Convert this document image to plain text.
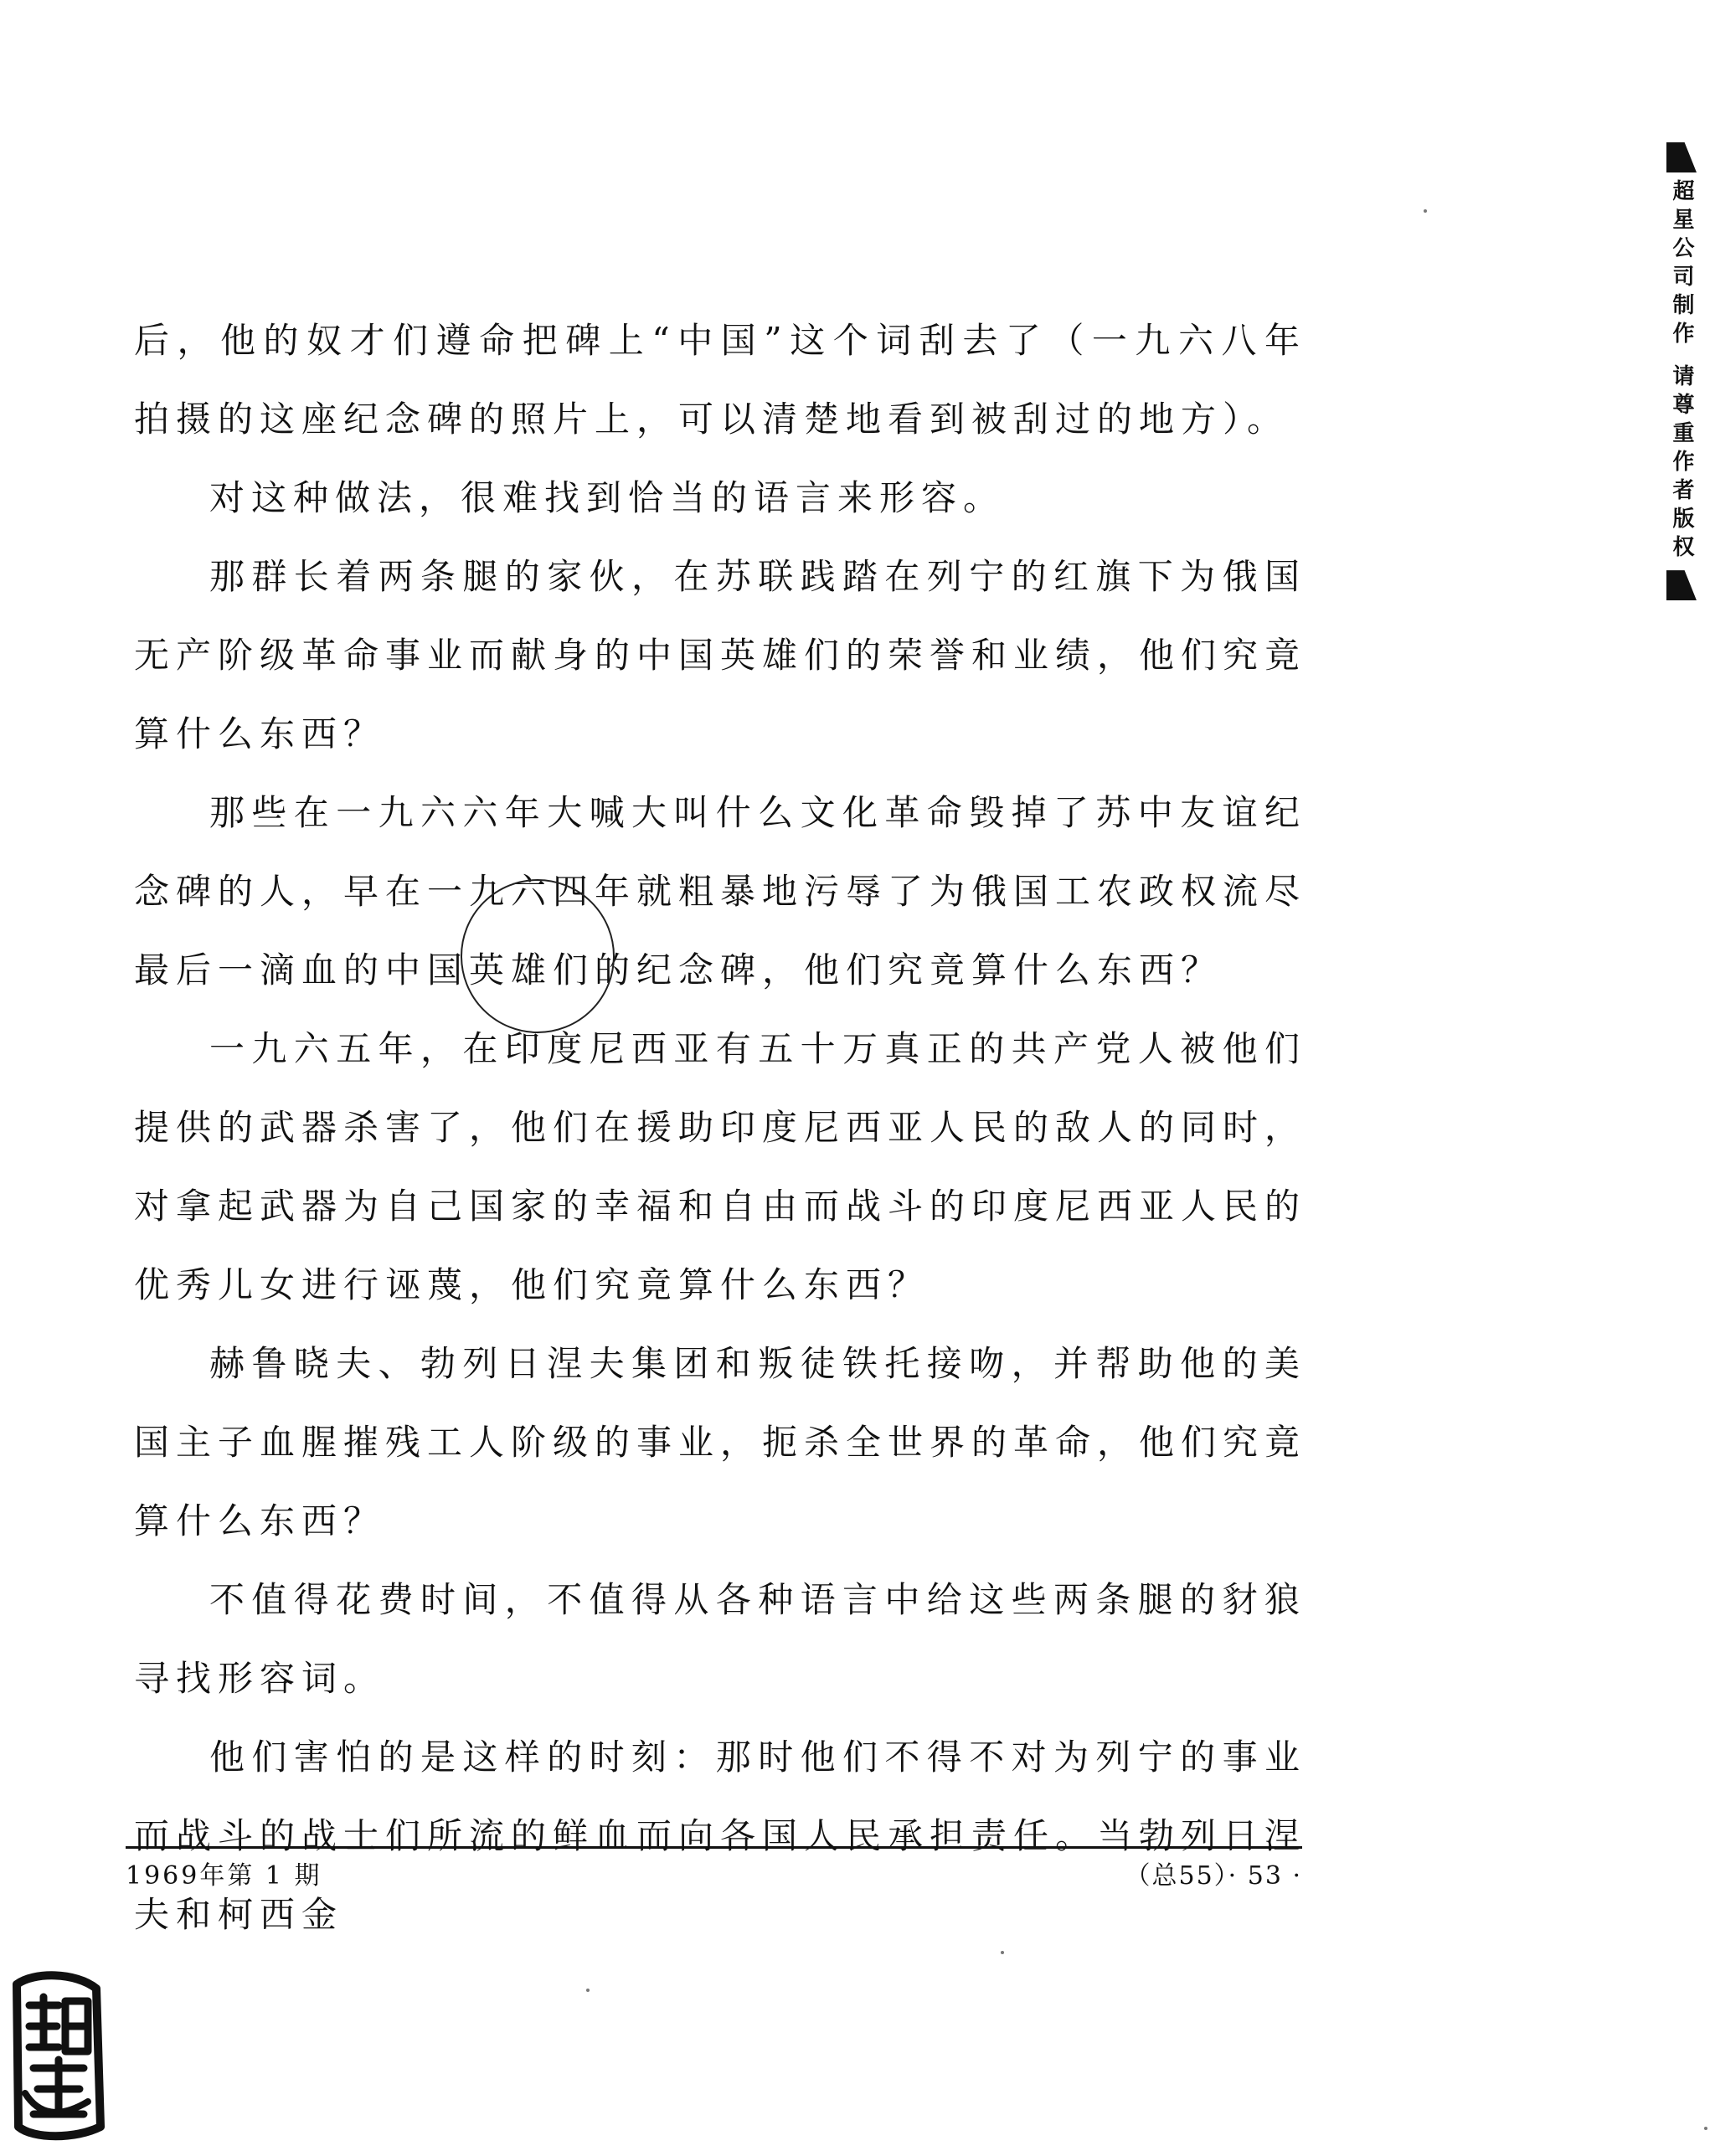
超星公司制作 请尊重作者版权

后，他的奴才们遵命把碑上“中国”这个词刮去了（一九六八年拍摄的这座纪念碑的照片上，可以清楚地看到被刮过的地方）。

对这种做法，很难找到恰当的语言来形容。

那群长着两条腿的家伙，在苏联践踏在列宁的红旗下为俄国无产阶级革命事业而献身的中国英雄们的荣誉和业绩，他们究竟算什么东西？

那些在一九六六年大喊大叫什么文化革命毁掉了苏中友谊纪念碑的人，早在一九六四年就粗暴地污辱了为俄国工农政权流尽最后一滴血的中国英雄们的纪念碑，他们究竟算什么东西？

一九六五年，在印度尼西亚有五十万真正的共产党人被他们提供的武器杀害了，他们在援助印度尼西亚人民的敌人的同时，对拿起武器为自己国家的幸福和自由而战斗的印度尼西亚人民的优秀儿女进行诬蔑，他们究竟算什么东西？

赫鲁晓夫、勃列日涅夫集团和叛徒铁托接吻，并帮助他的美国主子血腥摧残工人阶级的事业，扼杀全世界的革命，他们究竟算什么东西？

不值得花费时间，不值得从各种语言中给这些两条腿的豺狼寻找形容词。

他们害怕的是这样的时刻：那时他们不得不对为列宁的事业而战斗的战士们所流的鲜血而向各国人民承担责任。当勃列日涅夫和柯西金

1969年第 1 期	（总55）· 53 ·
